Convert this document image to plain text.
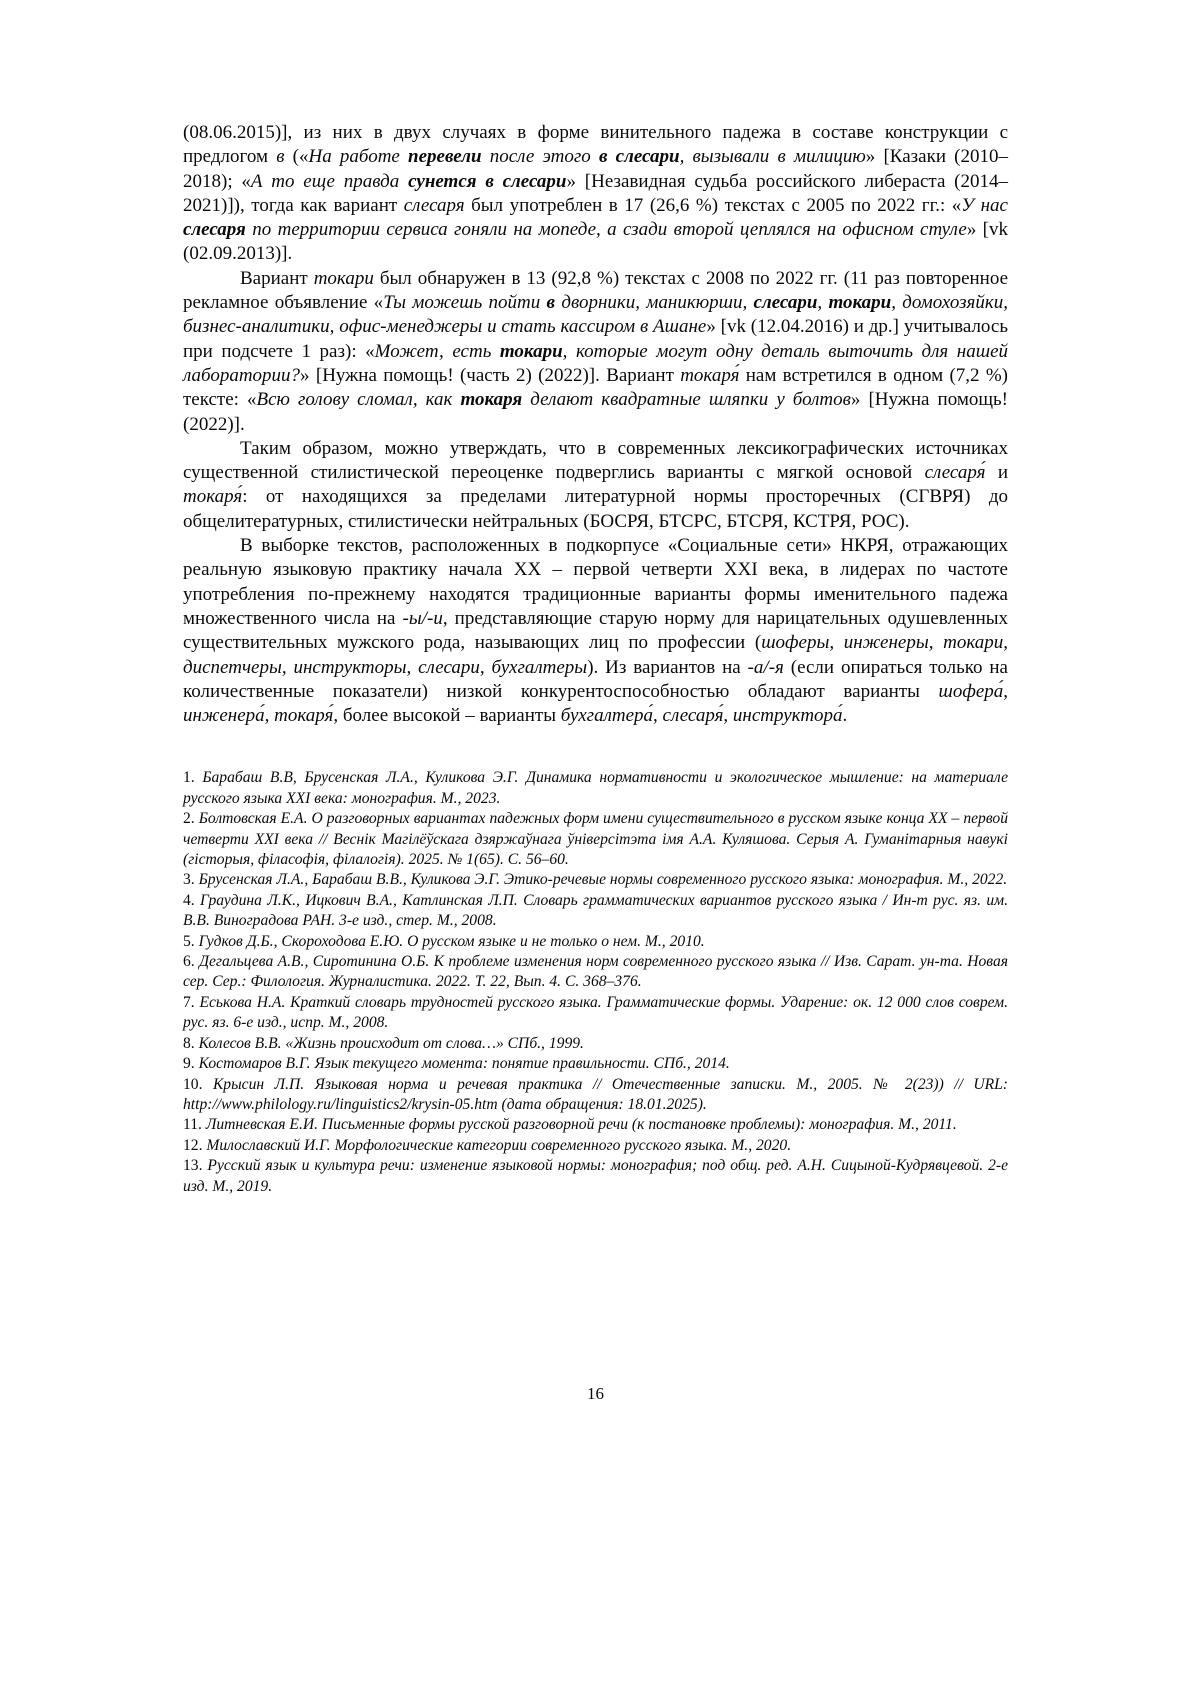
(08.06.2015)], из них в двух случаях в форме винительного падежа в составе конструкции с предлогом в («На работе перевели после этого в слесари, вызывали в милицию» [Казаки (2010–2018); «А то еще правда сунется в слесари» [Незавидная судьба российского либераста (2014–2021)]), тогда как вариант слесаря был употреблен в 17 (26,6 %) текстах с 2005 по 2022 гг.: «У нас слесаря по территории сервиса гоняли на мопеде, а сзади второй цеплялся на офисном стуле» [vk (02.09.2013)].

Вариант токари был обнаружен в 13 (92,8 %) текстах с 2008 по 2022 гг. (11 раз повторенное рекламное объявление «Ты можешь пойти в дворники, маникюрши, слесари, токари, домохозяйки, бизнес-аналитики, офис-менеджеры и стать кассиром в Ашане» [vk (12.04.2016) и др.] учитывалось при подсчете 1 раз): «Может, есть токари, которые могут одну деталь выточить для нашей лаборатории?» [Нужна помощь! (часть 2) (2022)]. Вариант токаря́ нам встретился в одном (7,2 %) тексте: «Всю голову сломал, как токаря делают квадратные шляпки у болтов» [Нужна помощь! (2022)].

Таким образом, можно утверждать, что в современных лексикографических источниках существенной стилистической переоценке подверглись варианты с мягкой основой слесаря́ и токаря́: от находящихся за пределами литературной нормы просторечных (СГВРЯ) до общелитературных, стилистически нейтральных (БОСРЯ, БТСРС, БТСРЯ, КСТРЯ, РОС).

В выборке текстов, расположенных в подкорпусе «Социальные сети» НКРЯ, отражающих реальную языковую практику начала XX – первой четверти XXI века, в лидерах по частоте употребления по-прежнему находятся традиционные варианты формы именительного падежа множественного числа на -ы/-и, представляющие старую норму для нарицательных одушевленных существительных мужского рода, называющих лиц по профессии (шоферы, инженеры, токари, диспетчеры, инструкторы, слесари, бухгалтеры). Из вариантов на -а/-я (если опираться только на количественные показатели) низкой конкурентоспособностью обладают варианты шофера́, инженера́, токаря́, более высокой – варианты бухгалтера́, слесаря́, инструктора́.

1. Барабаш В.В, Брусенская Л.А., Куликова Э.Г. Динамика нормативности и экологическое мышление: на материале русского языка XXI века: монография. М., 2023.

2. Болтовская Е.А. О разговорных вариантах падежных форм имени существительного в русском языке конца XX – первой четверти XXI века // Веснік Магілёўскага дзяржаўнага ўніверсітэта імя А.А. Куляшова. Серыя А. Гуманітарныя навукі (гісторыя, філасофія, філалогія). 2025. № 1(65). С. 56–60.

3. Брусенская Л.А., Барабаш В.В., Куликова Э.Г. Этико-речевые нормы современного русского языка: монография. М., 2022.

4. Граудина Л.К., Ицкович В.А., Катлинская Л.П. Словарь грамматических вариантов русского языка / Ин-т рус. яз. им. В.В. Виноградова РАН. 3-е изд., стер. М., 2008.

5. Гудков Д.Б., Скороходова Е.Ю. О русском языке и не только о нем. М., 2010.

6. Дегальцева А.В., Сиротинина О.Б. К проблеме изменения норм современного русского языка // Изв. Сарат. ун-та. Новая сер. Сер.: Филология. Журналистика. 2022. Т. 22, Вып. 4. С. 368–376.

7. Еськова Н.А. Краткий словарь трудностей русского языка. Грамматические формы. Ударение: ок. 12 000 слов соврем. рус. яз. 6-е изд., испр. М., 2008.

8. Колесов В.В. «Жизнь происходит от слова…» СПб., 1999.

9. Костомаров В.Г. Язык текущего момента: понятие правильности. СПб., 2014.

10. Крысин Л.П. Языковая норма и речевая практика // Отечественные записки. М., 2005. № 2(23)) // URL: http://www.philology.ru/linguistics2/krysin-05.htm (дата обращения: 18.01.2025).

11. Литневская Е.И. Письменные формы русской разговорной речи (к постановке проблемы): монография. М., 2011.

12. Милославский И.Г. Морфологические категории современного русского языка. М., 2020.

13. Русский язык и культура речи: изменение языковой нормы: монография; под общ. ред. А.Н. Сицыной-Кудрявцевой. 2-е изд. М., 2019.

16
